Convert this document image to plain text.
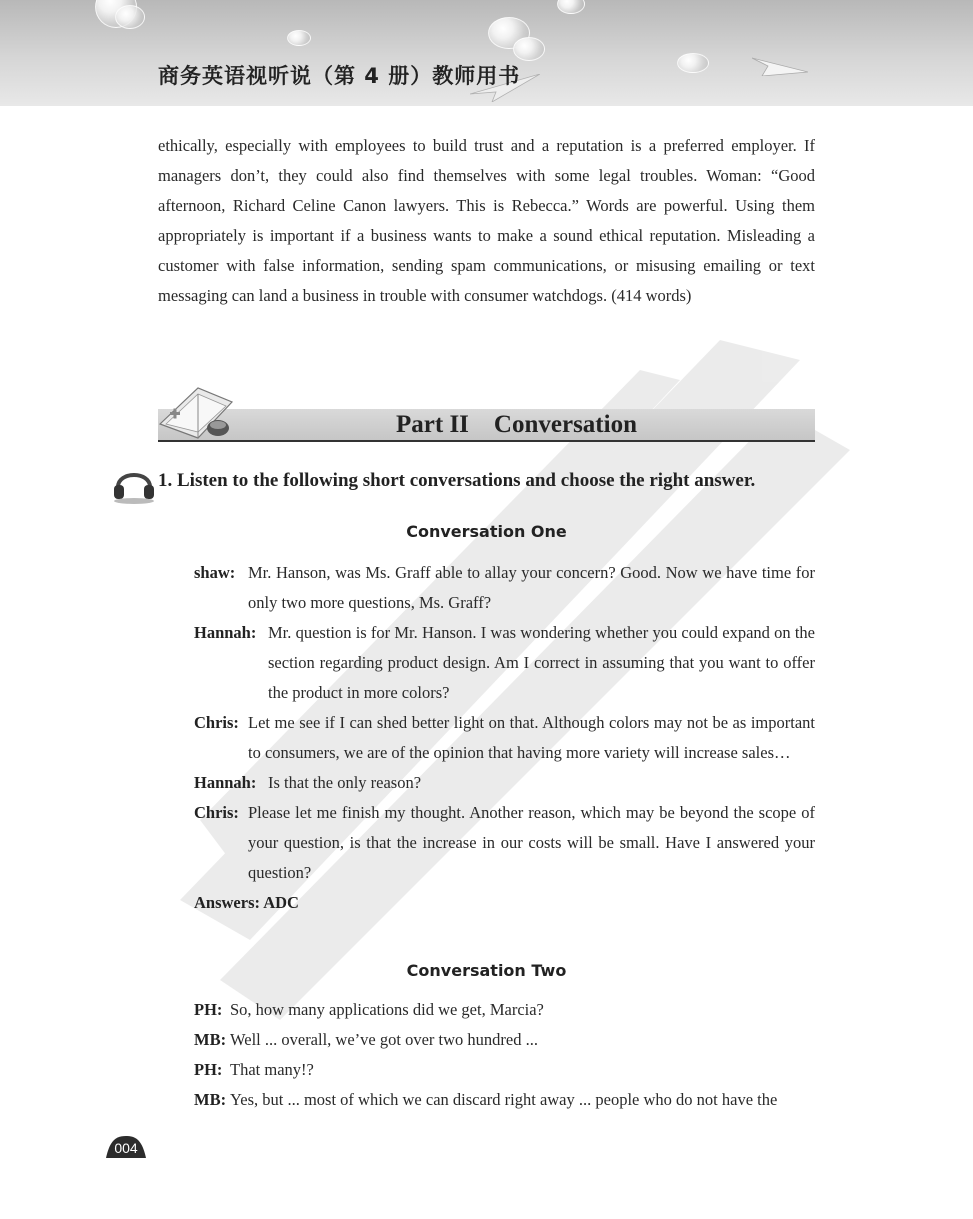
商务英语视听说（第 4 册）教师用书

ethically, especially with employees to build trust and a reputation is a preferred employer. If managers don’t, they could also find themselves with some legal troubles. Woman: “Good afternoon, Richard Celine Canon lawyers. This is Rebecca.” Words are powerful. Using them appropriately is important if a business wants to make a sound ethical reputation. Misleading a customer with false information, sending spam communications, or misusing emailing or text messaging can land a business in trouble with consumer watchdogs. (414 words)

Part II    Conversation
1. Listen to the following short conversations and choose the right answer.
Conversation One
shaw: Mr. Hanson, was Ms. Graff able to allay your concern? Good. Now we have time for only two more questions, Ms. Graff?
Hannah: Mr. question is for Mr. Hanson. I was wondering whether you could expand on the section regarding product design. Am I correct in assuming that you want to offer the product in more colors?
Chris: Let me see if I can shed better light on that. Although colors may not be as important to consumers, we are of the opinion that having more variety will increase sales…
Hannah: Is that the only reason?
Chris: Please let me finish my thought. Another reason, which may be beyond the scope of your question, is that the increase in our costs will be small. Have I answered your question?
Answers: ADC
Conversation Two
PH: So, how many applications did we get, Marcia?
MB: Well ... overall, we’ve got over two hundred ...
PH: That many!?
MB: Yes, but ... most of which we can discard right away ... people who do not have the
004
